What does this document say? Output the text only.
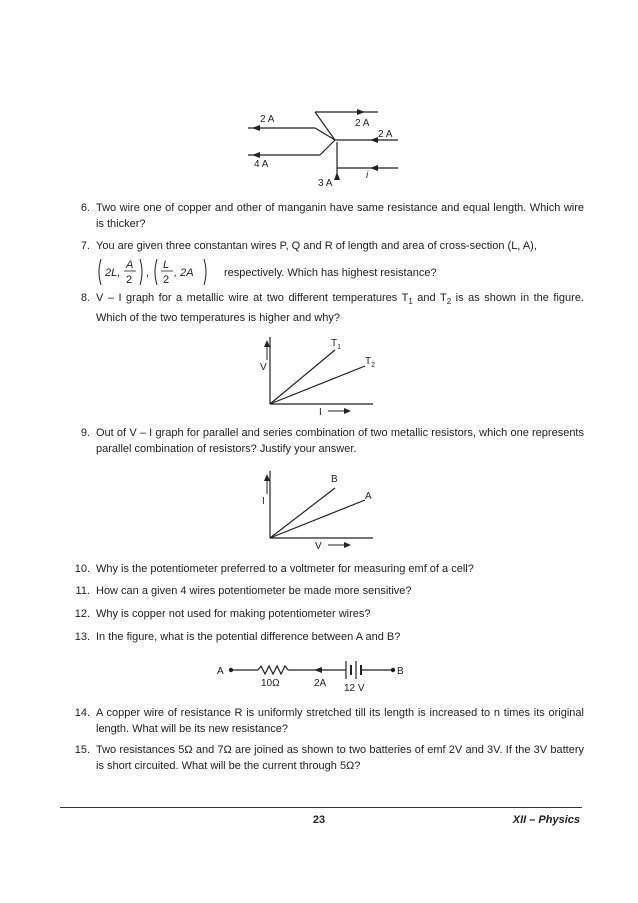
2 A	2 A
2 A
4 A
3 A
i
6. Two wire one of copper and other of manganin have same resistance and equal length. Which wire is thicker?
7. You are given three constantan wires P, Q and R of length and area of cross-section (L, A),
2L,
A
2
,
L
2
, 2A	respectively. Which has highest resistance?
8. V – I graph for a metallic wire at two different temperatures $T_1$ and $T_2$ is as shown in the figure. Which of the two temperatures is higher and why?
V
I
$T_1$
$T_2$
9. Out of V – I graph for parallel and series combination of two metallic resistors, which one represents parallel combination of resistors? Justify your answer.
I
V
B
A
10. Why is the potentiometer preferred to a voltmeter for measuring emf of a cell?
11. How can a given 4 wires potentiometer be made more sensitive?
12. Why is copper not used for making potentiometer wires?
13. In the figure, what is the potential difference between A and B?
A	B
10Ω	2A 12 V
14. A copper wire of resistance R is uniformly stretched till its length is increased to n times its original length. What will be its new resistance?
15. Two resistances 5Ω and 7Ω are joined as shown to two batteries of emf 2V and 3V. If the 3V battery is short circuited. What will be the current through 5Ω?
23	XII – Physics
